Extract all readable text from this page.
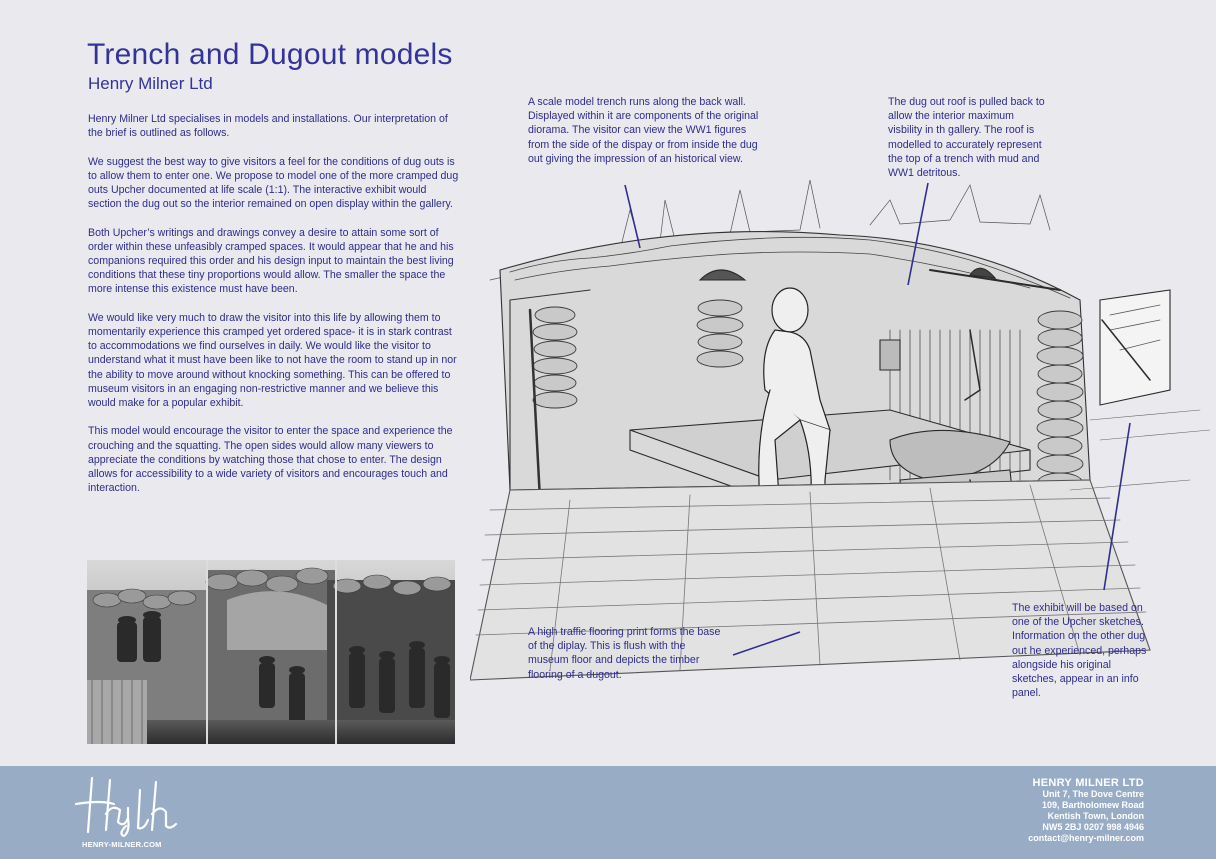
Trench and Dugout models
Henry Milner Ltd

Henry Milner Ltd specialises in models and installations. Our interpretation of the brief is outlined as follows.

We suggest the best way to give visitors a feel for the conditions of dug outs is to allow them to enter one. We propose to model one of the more cramped dug outs Upcher documented at life scale (1:1). The interactive exhibit would section the dug out so the interior remained on open display within the gallery.

Both Upcher’s writings and drawings convey a desire to attain some sort of order within these unfeasibly cramped spaces. It would appear that he and his companions required this order and his design input to maintain the best living conditions that these tiny proportions would allow. The smaller the space the more intense this existence must have been.

We would like very much to draw the visitor into this life by allowing them to momentarily experience this cramped yet ordered space- it is in stark contrast to accommodations we find ourselves in daily. We would like the visitor to understand what it must have been like to not have the room to stand up in nor the ability to move around without knocking something. This can be offered to museum visitors in an engaging non-restrictive manner and we believe this would make for a popular exhibit.

This model would encourage the visitor to enter the space and experience the crouching and the squatting. The open sides would allow many viewers to appreciate the conditions by watching those that chose to enter. The design allows for accessibility to a wide variety of visitors and encourages touch and interaction.

A scale model trench runs along the back wall. Displayed within it are components of the original diorama. The visitor can view the WW1 figures from the side of the dispay or from inside the dug out giving the impression of an historical view.
The dug out roof is pulled back to allow the interior maximum visbility in th gallery. The roof is modelled to accurately represent the top of a trench with mud and WW1 detritous.
A high traffic flooring print forms the base of the diplay. This is flush with the museum floor and depicts the timber flooring of a dugout.
The exhibit will be based on one of the Upcher sketches. Information on the other dug out he experienced, perhaps alongside his original sketches, appear in an info panel.
HENRY-MILNER.COM
HENRY MILNER LTD
Unit 7, The Dove Centre
109, Bartholomew Road
Kentish Town, London
NW5 2BJ 0207 998 4946
contact@henry-milner.com
